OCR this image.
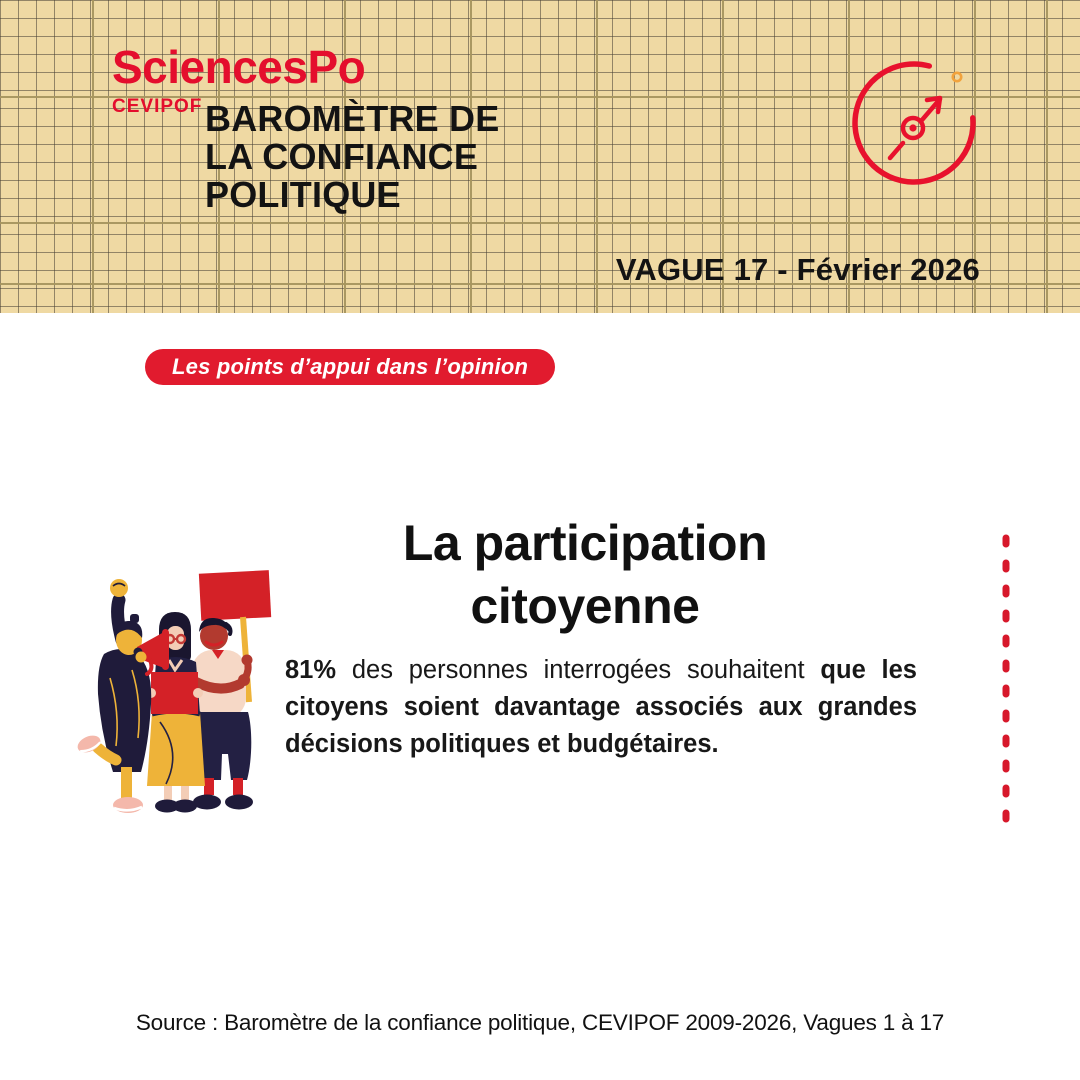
SciencesPo
CEVIPOF BAROMÈTRE DE
LA CONFIANCE
POLITIQUE
VAGUE 17 - Février 2026
Les points d’appui dans l’opinion
La participation
citoyenne

81% des personnes interrogées souhaitent que les citoyens soient davantage associés aux grandes décisions politiques et budgétaires.

Source : Baromètre de la confiance politique, CEVIPOF 2009-2026, Vagues 1 à 17
